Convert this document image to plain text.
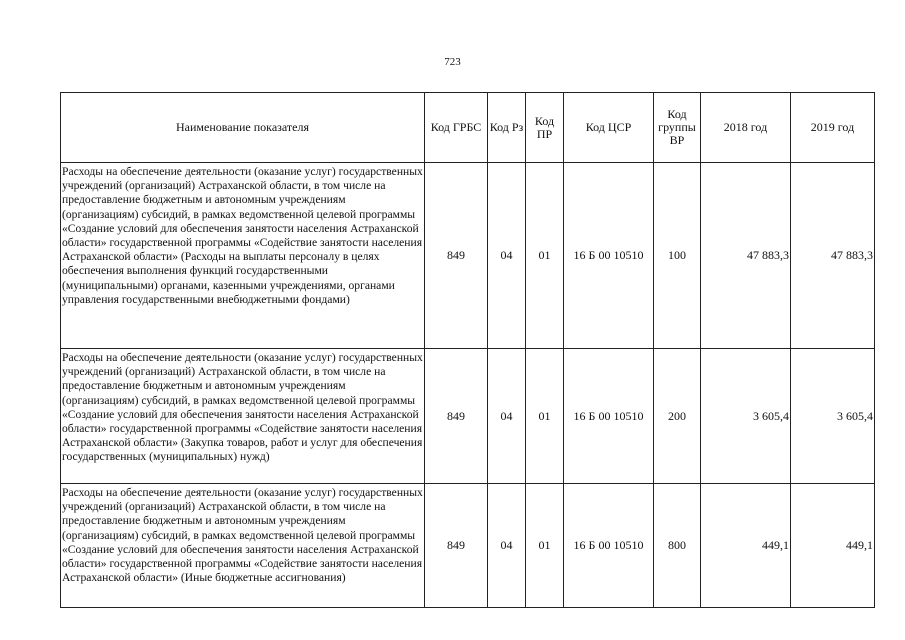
723
Наименование показателя	Код ГРБС	Код Рз	Код ПР	Код ЦСР	Код группы ВР	2018 год	2019 год
Расходы на обеспечение деятельности (оказание услуг) государственных учреждений (организаций) Астраханской области, в том числе на предоставление бюджетным и автономным учреждениям (организациям) субсидий, в рамках ведомственной целевой программы «Создание условий для обеспечения занятости населения Астраханской области» государственной программы «Содействие занятости населения Астраханской области» (Расходы на выплаты персоналу в целях обеспечения выполнения функций государственными (муниципальными) органами, казенными учреждениями, органами управления государственными внебюджетными фондами)	849	04	01	16 Б 00 10510	100	47 883,3	47 883,3
Расходы на обеспечение деятельности (оказание услуг) государственных учреждений (организаций) Астраханской области, в том числе на предоставление бюджетным и автономным учреждениям (организациям) субсидий, в рамках ведомственной целевой программы «Создание условий для обеспечения занятости населения Астраханской области» государственной программы «Содействие занятости населения Астраханской области» (Закупка товаров, работ и услуг для обеспечения государственных (муниципальных) нужд)	849	04	01	16 Б 00 10510	200	3 605,4	3 605,4
Расходы на обеспечение деятельности (оказание услуг) государственных учреждений (организаций) Астраханской области, в том числе на предоставление бюджетным и автономным учреждениям (организациям) субсидий, в рамках ведомственной целевой программы «Создание условий для обеспечения занятости населения Астраханской области» государственной программы «Содействие занятости населения Астраханской области» (Иные бюджетные ассигнования)	849	04	01	16 Б 00 10510	800	449,1	449,1
